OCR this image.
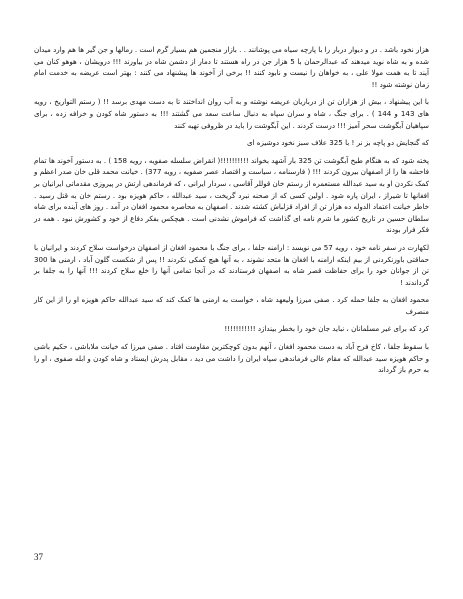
هزار نخود باشد . در و دیوار دربار را با پارچه سیاه می پوشانند . . بازار منجمین هم بسیار گرم است . رمالها و جن گیر ها هم وارد میدان شده و به شاه نوید میدهند که عبدالرحمان با 5 هزار جن در راه هستند تا دمار از دشمن شاه در بیاورند !!! درویشان ، هوهو کنان می آیند تا به همت مولا علی ، به خواهان را نیست و نابود کنند !! برخی از آخوند ها پیشنهاد می کنند : بهتر است عریضه به خدمت امام زمان نوشته شود !!

با این پیشنهاد ، بیش از هزاران تن از درباریان عریضه نوشته و به آب روان انداختند تا به دست مهدی برسد !! ( رستم التواریخ ، رویه های 143 و 144 ) . برای جنگ ، شاه و سران سپاه به دنبال ساعت سعد می گشتند !!! به دستور شاه کودن و خرافه زده ، برای سپاهیان آبگوشت سحر آمیز !!! درست کردند . این آبگوشت را باید در ظروفی تهیه کنند

که گنجایش دو پاچه بز نر ! با 325 علاف سبز نخود دوشیزه ای

پخته شود که به هنگام طبخ آبگوشت تن 325 بار آشهد بخواند !!!!!!!!!!( انقراض سلسله صفویه ، رویه 158 ) . به دستور آخوند ها تمام فاحشه ها را از اصفهان بیرون کردند !!! ( فارسنامه ، سیاست و اقتصاد عصر صفویه ، رویه 377) . خیانت محمد قلی خان صدر اعظم و کمک نکردن او به سید عبدالله مستعمره از رستم خان قوللر آقاسی ، سردار ایرانی ، که فرماندهی ارتش در پیروزی مقدماتی ایرانیان بر افغانها تا شیراز ، ایران پاره شود . اولین کسی که از صحنه نبرد گریخت ، سید عبدالله ، حاکم هویزه بود . رستم خان به قتل رسید . خاطر خیانت اعتماد الدوله ده هزار تن از افراد قزلباش کشته شدند . اصفهان به محاصره محمود افغان در آمد . روز های آینده برای شاه سلطان حسین در تاریخ کشور ما شرم نامه ای گذاشت که فراموش نشدنی است . هیچکس بفکر دفاع از خود و کشورش نبود . همه در فکر فرار بودند

لکهارت در سفر نامه خود ، رویه 57 می نویسد : ارامنه جلفا ، برای جنگ با محمود افغان از اصفهان درخواست سلاح کردند و ایرانیان با حماقتی باورنکردنی از بیم اینکه ارامنه با افغان ها متحد نشوند ، به آنها هیچ کمکی نکردند !! پس از شکست گلون آباد ، ارمنی ها 300 تن از جوانان خود را برای حفاظت قصر شاه به اصفهان فرستادند که در آنجا تمامی آنها را خلع سلاح کردند !!! آنها را به جلفا بر گرداندند !

محمود افغان به جلفا حمله کرد . صفی میرزا ولیعهد شاه ، خواست به ارمنی ها کمک کند که سید عبدالله حاکم هویزه او را از این کار منصرف

کرد که برای غیر مسلمانان ، نباید جان خود را بخطر بیندازد !!!!!!!!!!!

با سقوط جلفا ، کاخ فرح آباد به دست محمود افغان ، آنهم بدون کوچکترین مقاومت افتاد . صفی میرزا که خیانت ملاباشی ، حکیم باشی و حاکم هویزه سید عبدالله که مقام عالی فرماندهی سپاه ایران را داشت می دید ، مقابل پدرش ایستاد و شاه کودن و ابله صفوی ، او را به حرم باز گرداند

37
